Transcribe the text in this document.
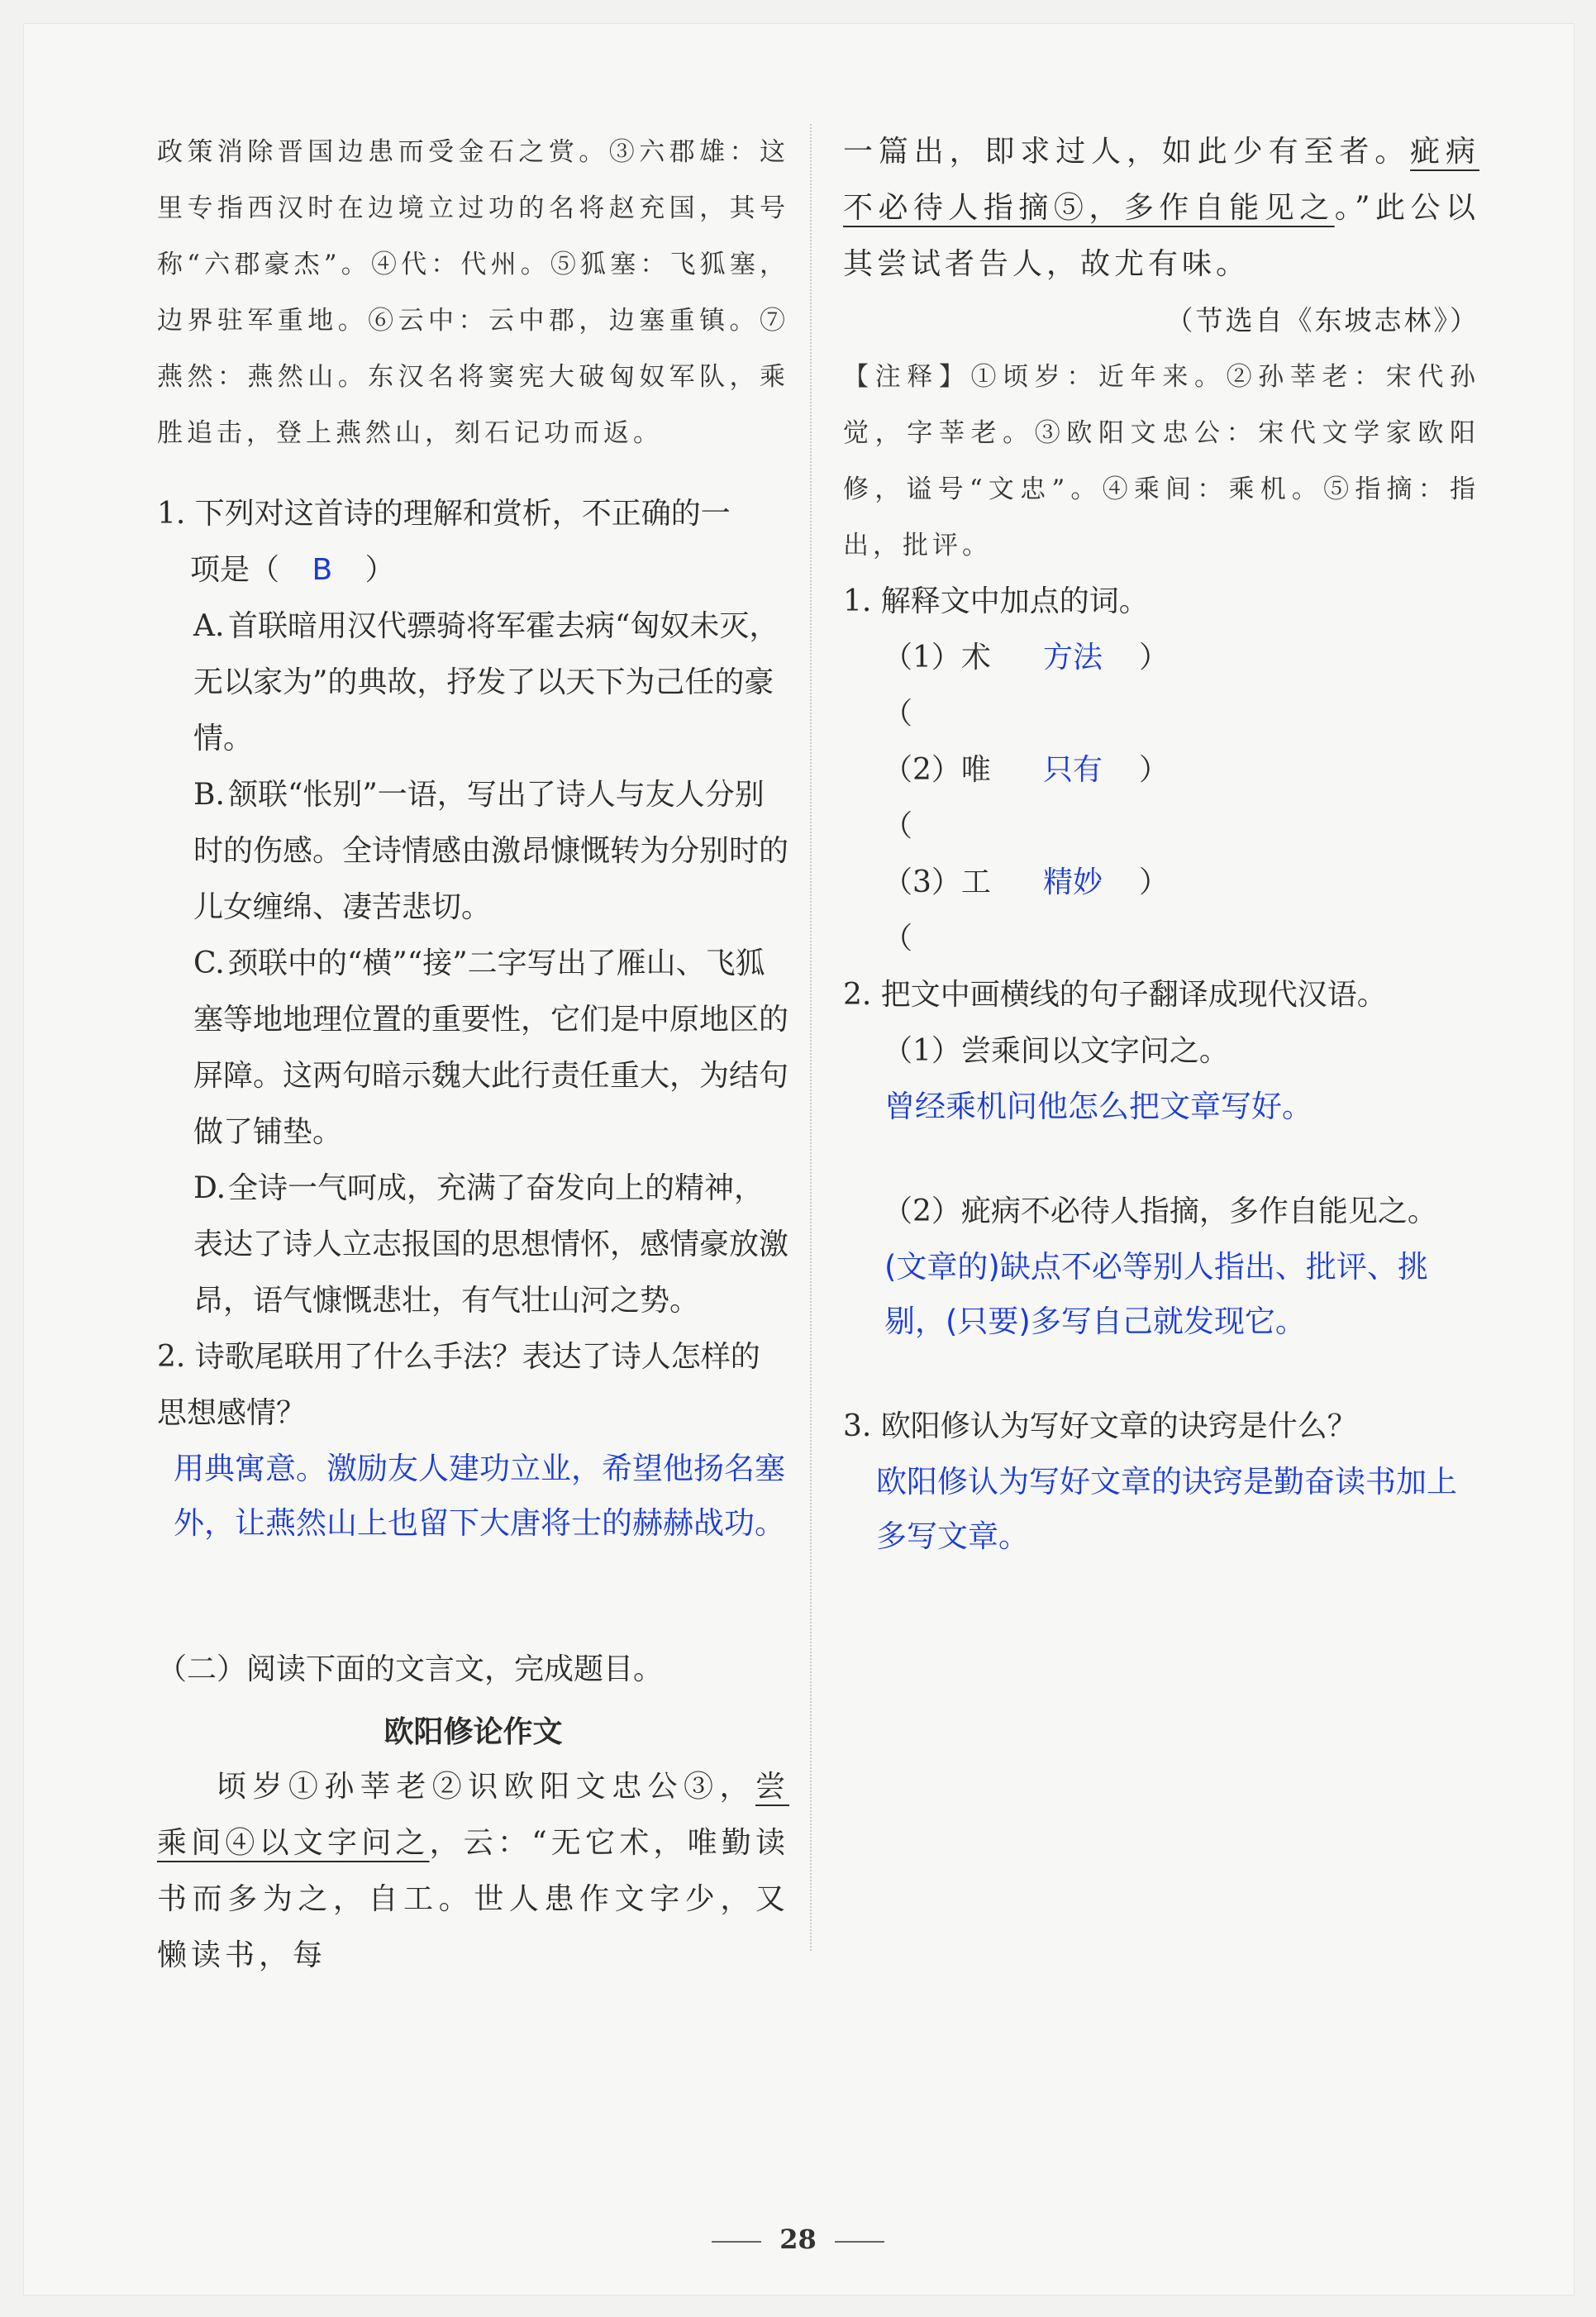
政策消除晋国边患而受金石之赏。③六郡雄：这里专指西汉时在边境立过功的名将赵充国，其号称“六郡豪杰”。④代：代州。⑤狐塞：飞狐塞，边界驻军重地。⑥云中：云中郡，边塞重镇。⑦燕然：燕然山。东汉名将窦宪大破匈奴军队，乘胜追击，登上燕然山，刻石记功而返。

1. 下列对这首诗的理解和赏析，不正确的一
项是（ B ）

A. 首联暗用汉代骠骑将军霍去病“匈奴未灭，无以家为”的典故，抒发了以天下为己任的豪情。

B. 颔联“怅别”一语，写出了诗人与友人分别时的伤感。全诗情感由激昂慷慨转为分别时的儿女缠绵、凄苦悲切。

C. 颈联中的“横”“接”二字写出了雁山、飞狐塞等地地理位置的重要性，它们是中原地区的屏障。这两句暗示魏大此行责任重大，为结句做了铺垫。

D.全诗一气呵成，充满了奋发向上的精神，表达了诗人立志报国的思想情怀，感情豪放激昂，语气慷慨悲壮，有气壮山河之势。

2. 诗歌尾联用了什么手法？表达了诗人怎样的思想感情？

用典寓意。激励友人建功立业，希望他扬名塞外，让燕然山上也留下大唐将士的赫赫战功。

（二）阅读下面的文言文，完成题目。

欧阳修论作文

顷岁①孙莘老②识欧阳文忠公③，尝乘间④以文字问之，云：“无它术，唯勤读书而多为之，自工。世人患作文字少，又懒读书，每

一篇出，即求过人，如此少有至者。疵病不必待人指摘⑤，多作自能见之。”此公以其尝试者告人，故尤有味。

（节选自《东坡志林》）

【注释】①顷岁：近年来。②孙莘老：宋代孙觉，字莘老。③欧阳文忠公：宋代文学家欧阳修，谥号“文忠”。④乘间：乘机。⑤指摘：指出，批评。

1. 解释文中加点的词。

（1）术（
方法	）
（2）唯（
只有	）
（3）工（
精妙	）

2. 把文中画横线的句子翻译成现代汉语。

（1）尝乘间以文字问之。

曾经乘机问他怎么把文章写好。

（2）疵病不必待人指摘，多作自能见之。

(文章的)缺点不必等别人指出、批评、挑剔，(只要)多写自己就发现它。

3. 欧阳修认为写好文章的诀窍是什么？

欧阳修认为写好文章的诀窍是勤奋读书加上多写文章。

28
